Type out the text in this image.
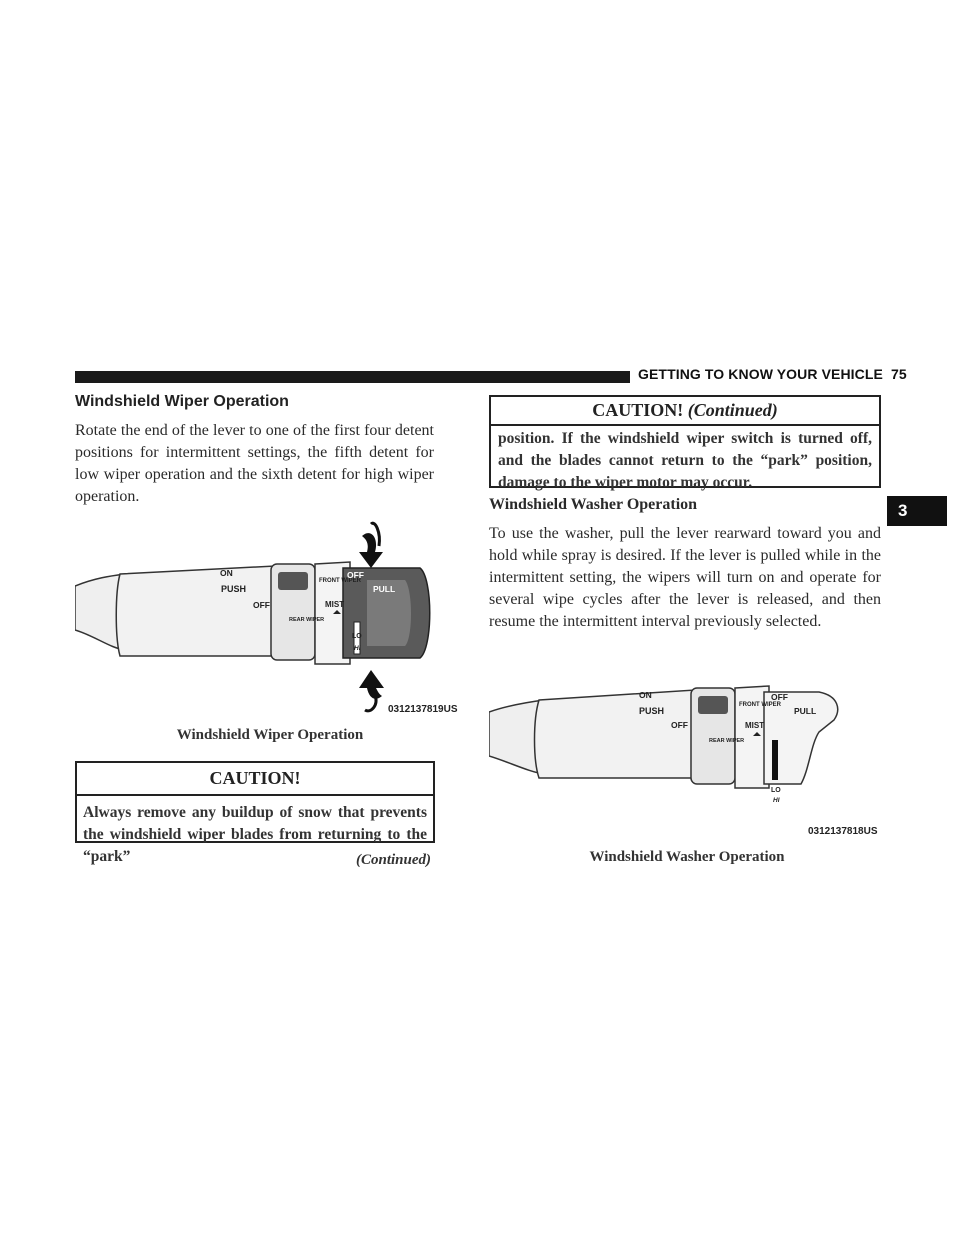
GETTING TO KNOW YOUR VEHICLE 75
3
Windshield Wiper Operation
Rotate the end of the lever to one of the first four detent positions for intermittent settings, the fifth detent for low wiper operation and the sixth detent for high wiper operation.
ON
PUSH
OFF
FRONT WIPER
REAR WIPER
MIST
OFF
PULL
LO
HI
0312137819US
Windshield Wiper Operation
CAUTION!
Always remove any buildup of snow that prevents the windshield wiper blades from returning to the “park”	(Continued)
CAUTION! (Continued)
position. If the windshield wiper switch is turned off, and the blades cannot return to the “park” position, damage to the wiper motor may occur.
Windshield Washer Operation
To use the washer, pull the lever rearward toward you and hold while spray is desired. If the lever is pulled while in the intermittent setting, the wipers will turn on and operate for several wipe cycles after the lever is released, and then resume the intermittent interval previously selected.
ON
PUSH
OFF
FRONT WIPER
REAR WIPER
MIST
OFF
PULL
LO
HI
0312137818US
Windshield Washer Operation
